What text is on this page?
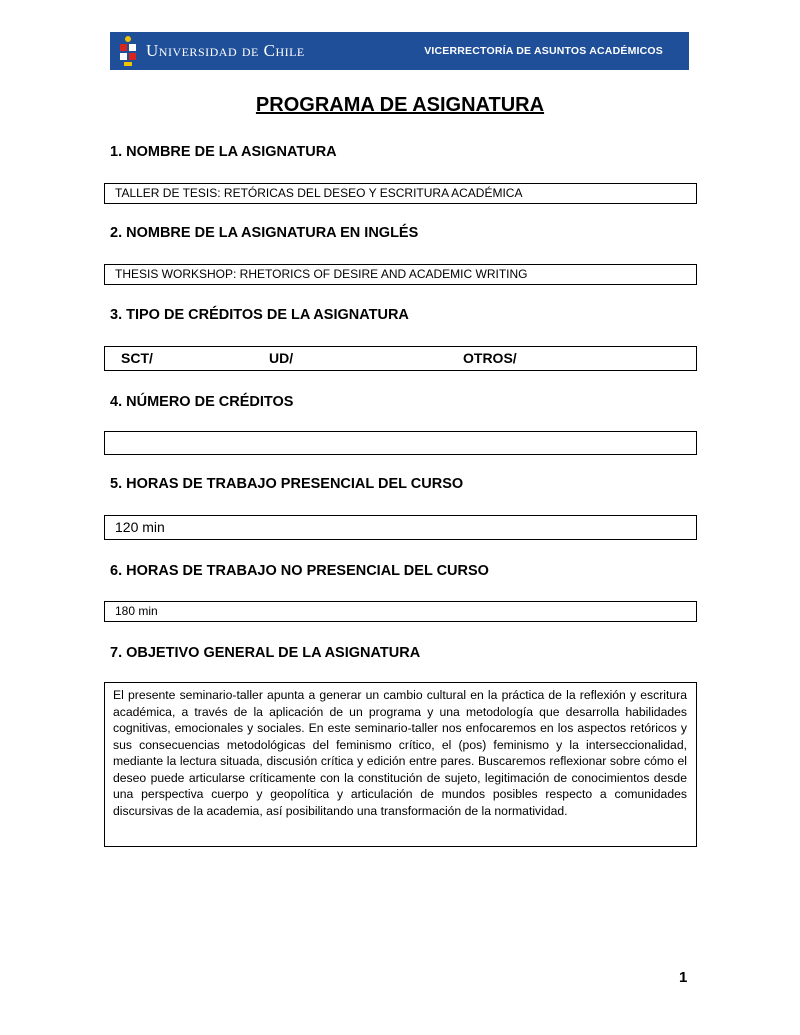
Universidad de Chile	VICERRECTORÍA DE ASUNTOS ACADÉMICOS
PROGRAMA DE ASIGNATURA
1. NOMBRE DE LA ASIGNATURA
TALLER DE TESIS: RETÓRICAS DEL DESEO Y ESCRITURA ACADÉMICA
2. NOMBRE DE LA ASIGNATURA EN INGLÉS
THESIS WORKSHOP: RHETORICS OF DESIRE AND ACADEMIC WRITING
3. TIPO DE CRÉDITOS DE LA ASIGNATURA
SCT/	UD/	OTROS/
4. NÚMERO DE CRÉDITOS
5. HORAS DE TRABAJO PRESENCIAL DEL CURSO
120 min
6. HORAS DE TRABAJO NO PRESENCIAL DEL CURSO
180 min
7. OBJETIVO GENERAL DE LA ASIGNATURA
El presente seminario-taller apunta a generar un cambio cultural en la práctica de la reflexión y escritura académica, a través de la aplicación de un programa y una metodología que desarrolla habilidades cognitivas, emocionales y sociales. En este seminario-taller nos enfocaremos en los aspectos retóricos y sus consecuencias metodológicas del feminismo crítico, el (pos) feminismo y la interseccionalidad, mediante la lectura situada, discusión crítica y edición entre pares. Buscaremos reflexionar sobre cómo el deseo puede articularse críticamente con la constitución de sujeto, legitimación de conocimientos desde una perspectiva cuerpo y geopolítica y articulación de mundos posibles respecto a comunidades discursivas de la academia, así posibilitando una transformación de la normatividad.
1
